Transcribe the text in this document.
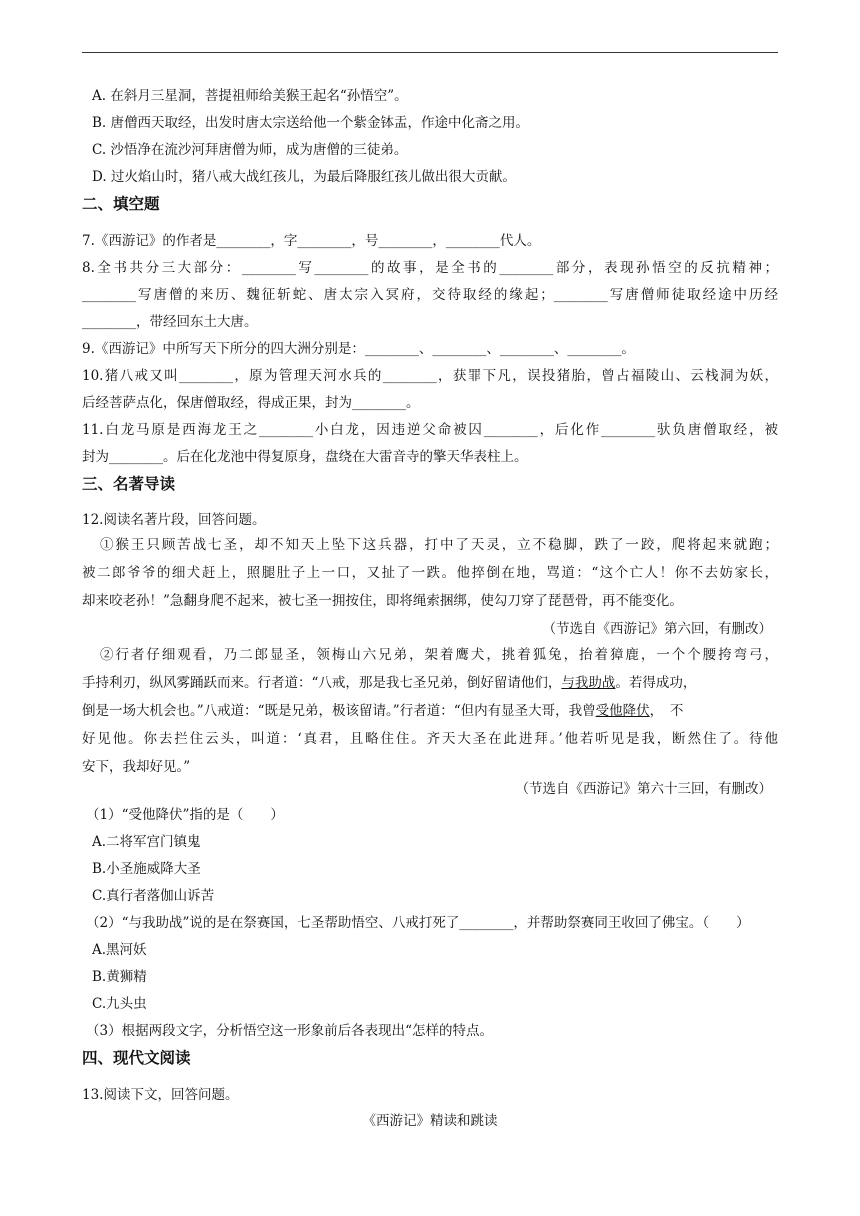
A. 在斜月三星洞，菩提祖师给美猴王起名“孙悟空”。
B. 唐僧西天取经，出发时唐太宗送给他一个紫金钵盂，作途中化斋之用。
C. 沙悟净在流沙河拜唐僧为师，成为唐僧的三徒弟。
D. 过火焰山时，猪八戒大战红孩儿，为最后降服红孩儿做出很大贡献。
二、填空题
7.《西游记》的作者是________，字________，号________，________代人。
8.全书共分三大部分：________写________的故事，是全书的________部分，表现孙悟空的反抗精神；
________写唐僧的来历、魏征斩蛇、唐太宗入冥府，交待取经的缘起；________写唐僧师徒取经途中历经
________，带经回东土大唐。
9.《西游记》中所写天下所分的四大洲分别是：________、________、________、________。
10.猪八戒又叫________，原为管理天河水兵的________，获罪下凡，误投猪胎，曾占福陵山、云栈洞为妖，
后经菩萨点化，保唐僧取经，得成正果，封为________。
11.白龙马原是西海龙王之________小白龙，因违逆父命被囚________，后化作________驮负唐僧取经，被
封为________。后在化龙池中得复原身，盘绕在大雷音寺的擎天华表柱上。
三、名著导读
12.阅读名著片段，回答问题。
①猴王只顾苦战七圣，却不知天上坠下这兵器，打中了天灵，立不稳脚，跌了一跤，爬将起来就跑；
被二郎爷爷的细犬赶上，照腿肚子上一口，又扯了一跌。他捽倒在地，骂道：“这个亡人！你不去妨家长，
却来咬老孙！”急翻身爬不起来，被七圣一拥按住，即将绳索捆绑，使勾刀穿了琵琶骨，再不能变化。
（节选自《西游记》第六回，有删改）
②行者仔细观看，乃二郎显圣，领梅山六兄弟，架着鹰犬，挑着狐兔，抬着獐鹿，一个个腰挎弯弓，
手持利刃，纵风雾踊跃而来。行者道：“八戒，那是我七圣兄弟，倒好留请他们，与我助战。若得成功，
倒是一场大机会也。”八戒道：“既是兄弟，极该留请。”行者道：“但内有显圣大哥，我曾受他降伏，　不
好见他。你去拦住云头，叫道：‘真君，且略住住。齐天大圣在此进拜。’他若听见是我，断然住了。待他
安下，我却好见。”
（节选自《西游记》第六十三回，有删改）
（1）“受他降伏”指的是（　　）
A.二将军宫门镇鬼
B.小圣施威降大圣
C.真行者落伽山诉苦
（2）“与我助战”说的是在祭赛国，七圣帮助悟空、八戒打死了________，并帮助祭赛同王收回了佛宝。（　　）
A.黑河妖
B.黄狮精
C.九头虫
（3）根据两段文字，分析悟空这一形象前后各表现出“怎样的特点。
四、现代文阅读
13.阅读下文，回答问题。
《西游记》精读和跳读
